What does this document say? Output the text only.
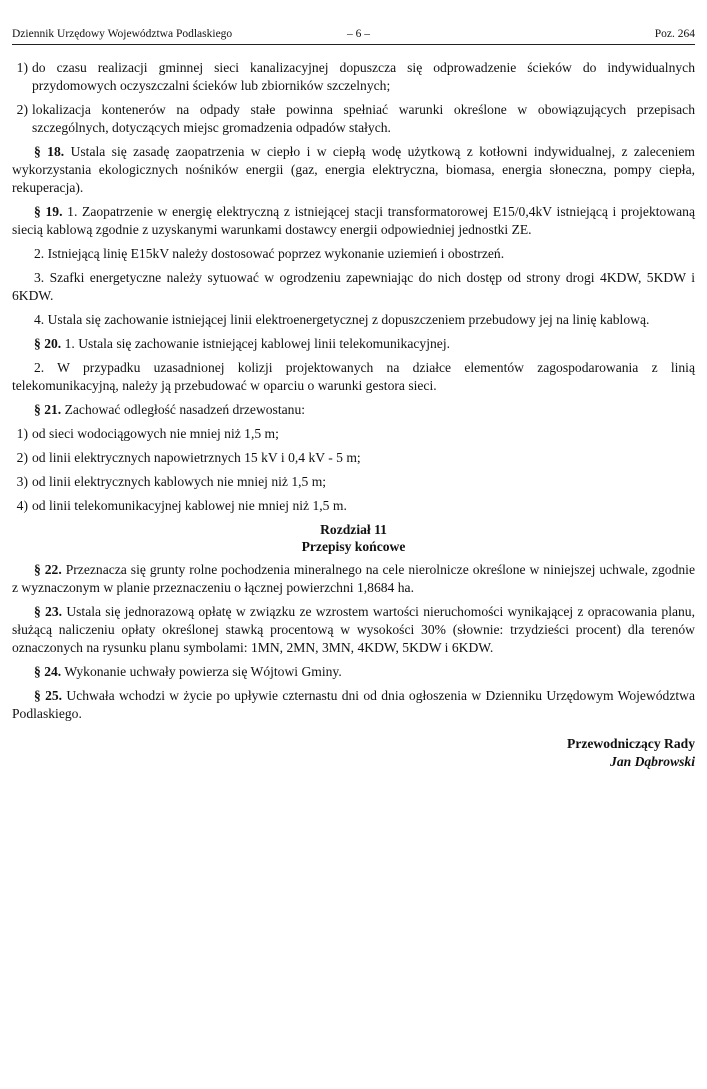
Dziennik Urzędowy Województwa Podlaskiego	– 6 –	Poz. 264
1) do czasu realizacji gminnej sieci kanalizacyjnej dopuszcza się odprowadzenie ścieków do indywidualnych przydomowych oczyszczalni ścieków lub zbiorników szczelnych;
2) lokalizacja kontenerów na odpady stałe powinna spełniać warunki określone w obowiązujących przepisach szczególnych, dotyczących miejsc gromadzenia odpadów stałych.

§ 18. Ustala się zasadę zaopatrzenia w ciepło i w ciepłą wodę użytkową z kotłowni indywidualnej, z zaleceniem wykorzystania ekologicznych nośników energii (gaz, energia elektryczna, biomasa, energia słoneczna, pompy ciepła, rekuperacja).

§ 19. 1. Zaopatrzenie w energię elektryczną z istniejącej stacji transformatorowej E15/0,4kV istniejącą i projektowaną siecią kablową zgodnie z uzyskanymi warunkami dostawcy energii odpowiedniej jednostki ZE.

2. Istniejącą linię E15kV należy dostosować poprzez wykonanie uziemień i obostrzeń.

3. Szafki energetyczne należy sytuować w ogrodzeniu zapewniając do nich dostęp od strony drogi 4KDW, 5KDW i 6KDW.

4. Ustala się zachowanie istniejącej linii elektroenergetycznej z dopuszczeniem przebudowy jej na linię kablową.

§ 20. 1. Ustala się zachowanie istniejącej kablowej linii telekomunikacyjnej.

2. W przypadku uzasadnionej kolizji projektowanych na działce elementów zagospodarowania z linią telekomunikacyjną, należy ją przebudować w oparciu o warunki gestora sieci.

§ 21. Zachować odległość nasadzeń drzewostanu:

1) od sieci wodociągowych nie mniej niż 1,5 m;
2) od linii elektrycznych napowietrznych 15 kV i 0,4 kV - 5 m;
3) od linii elektrycznych kablowych nie mniej niż 1,5 m;
4) od linii telekomunikacyjnej kablowej nie mniej niż 1,5 m.
Rozdział 11
Przepisy końcowe

§ 22. Przeznacza się grunty rolne pochodzenia mineralnego na cele nierolnicze określone w niniejszej uchwale, zgodnie z wyznaczonym w planie przeznaczeniu o łącznej powierzchni 1,8684 ha.

§ 23. Ustala się jednorazową opłatę w związku ze wzrostem wartości nieruchomości wynikającej z opracowania planu, służącą naliczeniu opłaty określonej stawką procentową w wysokości 30% (słownie: trzydzieści procent) dla terenów oznaczonych na rysunku planu symbolami: 1MN, 2MN, 3MN, 4KDW, 5KDW i 6KDW.

§ 24. Wykonanie uchwały powierza się Wójtowi Gminy.

§ 25. Uchwała wchodzi w życie po upływie czternastu dni od dnia ogłoszenia w Dzienniku Urzędowym Województwa Podlaskiego.

Przewodniczący Rady
Jan Dąbrowski
